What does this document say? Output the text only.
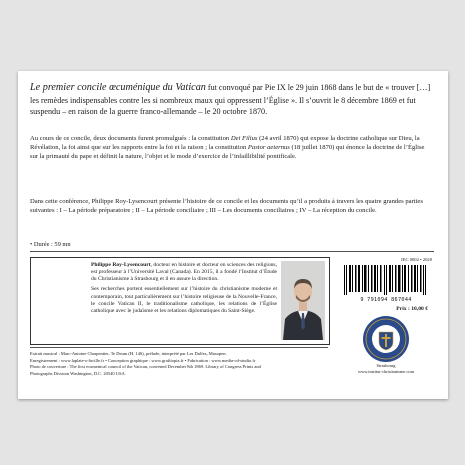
Le premier concile œcuménique du Vatican fut convoqué par Pie IX le 29 juin 1868 dans le but de « trouver […] les remèdes indispensables contre les si nombreux maux qui oppressent l’Église ». Il s’ouvrit le 8 décembre 1869 et fut suspendu – en raison de la guerre franco-allemande – le 20 octobre 1870.
Au cours de ce concile, deux documents furent promulgués : la constitution Dei Filius (24 avril 1870) qui expose la doctrine catholique sur Dieu, la Révélation, la foi ainsi que sur les rapports entre la foi et la raison ; la constitution Pastor aeternus (18 juillet 1870) qui énonce la doctrine de l’Église sur la primauté du pape et définit la nature, l’objet et le mode d’exercice de l’infaillibilité pontificale.
Dans cette conférence, Philippe Roy-Lysencourt présente l’histoire de ce concile et les documents qu’il a produits à travers les quatre grandes parties suivantes : I – La période préparatoire ; II – La période conciliaire ; III – Les documents conciliaires ; IV – La réception du concile.
• Durée : 59 mn

Philippe Roy-Lysencourt, docteur en histoire et docteur en sciences des religions, est professeur à l’Université Laval (Canada). En 2015, il a fondé l’Institut d’Étude du Christianisme à Strasbourg et il en assure la direction.

Ses recherches portent essentiellement sur l’histoire du christianisme moderne et contemporain, tout particulièrement sur l’histoire religieuse de la Nouvelle-France, le concile Vatican II, le traditionalisme catholique, les relations de l’Église catholique avec le judaïsme et les relations diplomatiques du Saint-Siège.

IEC 0002 • 2020
9 791094 867044
Prix : 10,00 €
Strasbourg
www.institut-christianisme.com
Extrait musical : Marc-Antoine Charpentier, Te Deum (H. 146), prélude, interprété par Les Dulfes, Musopen.
Enregistrement : www.laplate-o-lucille.fr • Conception graphique : www.grafitopia.fr • Fabrication : www.media-cd-studio.fr
Photo de couverture : The first ecumenical council of the Vatican, convened December 8th 1869. Library of Congress Prints and
Photographs Division Washington, D.C. 20540 USA.
